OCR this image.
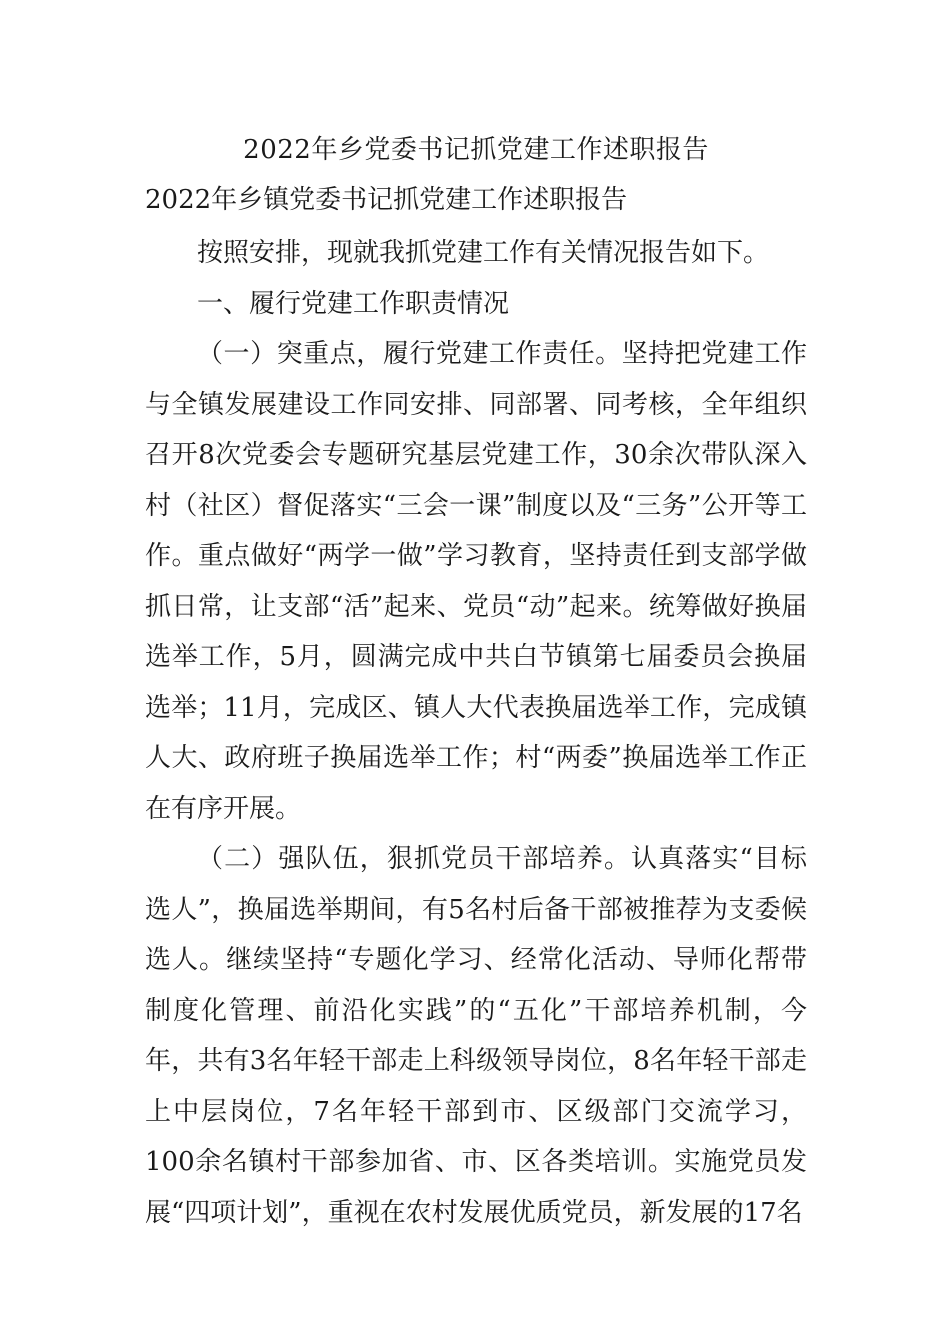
2022年乡党委书记抓党建工作述职报告
2022年乡镇党委书记抓党建工作述职报告

按照安排，现就我抓党建工作有关情况报告如下。

一、履行党建工作职责情况

（一）突重点，履行党建工作责任。坚持把党建工作与全镇发展建设工作同安排、同部署、同考核，全年组织召开8次党委会专题研究基层党建工作，30余次带队深入村（社区）督促落实“三会一课”制度以及“三务”公开等工作。重点做好“两学一做”学习教育，坚持责任到支部学做抓日常，让支部“活”起来、党员“动”起来。统筹做好换届选举工作，5月，圆满完成中共白节镇第七届委员会换届选举；11月，完成区、镇人大代表换届选举工作，完成镇人大、政府班子换届选举工作；村“两委”换届选举工作正在有序开展。

（二）强队伍，狠抓党员干部培养。认真落实“目标选人”，换届选举期间，有5名村后备干部被推荐为支委候选人。继续坚持“专题化学习、经常化活动、导师化帮带制度化管理、前沿化实践”的“五化”干部培养机制，今年，共有3名年轻干部走上科级领导岗位，8名年轻干部走上中层岗位，7名年轻干部到市、区级部门交流学习，100余名镇村干部参加省、市、区各类培训。实施党员发展“四项计划”，重视在农村发展优质党员，新发展的17名
